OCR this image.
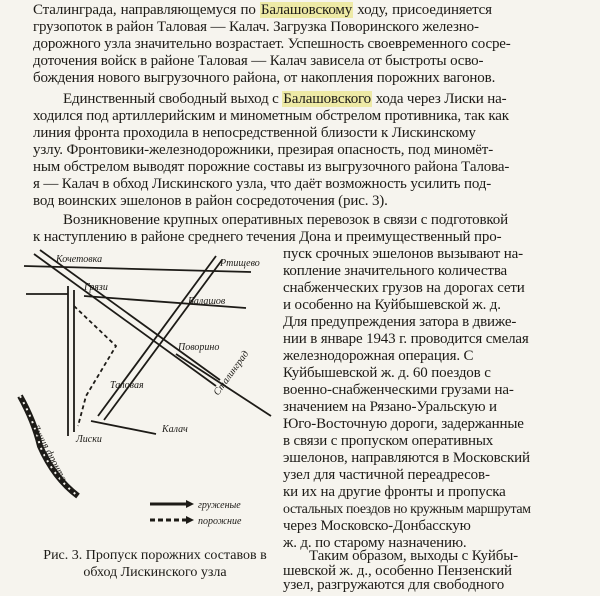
Сталинграда, направляющемуся по Балашовскому ходу, присоединяется
грузопоток в район Таловая — Калач. Загрузка Поворинского железно-
дорожного узла значительно возрастает. Успешность своевременного сосре-
доточения войск в районе Таловая — Калач зависела от быстроты осво-
бождения нового выгрузочного района, от накопления порожних вагонов.
Единственный свободный выход с Балашовского хода через Лиски на-
ходился под артиллерийским и минометным обстрелом противника, так как
линия фронта проходила в непосредственной близости к Лискинскому
узлу. Фронтовики-железнодорожники, презирая опасность, под миномёт-
ным обстрелом выводят порожние составы из выгрузочного района Талова-
я — Калач в обход Лискинского узла, что даёт возможность усилить под-
вод воинских эшелонов в район сосредоточения (рис. 3).
Возникновение крупных оперативных перевозок в связи с подготовкой
к наступлению в районе среднего течения Дона и преимущественный про-
пуск срочных эшелонов вызывают на-
копление значительного количества
снабженческих грузов на дорогах сети
и особенно на Куйбышевской ж. д.
Для предупреждения затора в движе-
нии в январе 1943 г. проводится смелая
железнодорожная операция. С
Куйбышевской ж. д. 60 поездов с
военно-снабженческими грузами на-
значением на Рязано-Уральскую и
Юго-Восточную дороги, задержанные
в связи с пропуском оперативных
эшелонов, направляются в Московский
узел для частичной переадресов-
ки их на другие фронты и пропуска
остальных поездов но кружным маршрутам
через Московско-Донбасскую
ж. д. по старому назначению.
Таким образом, выходы с Куйбы-
шевской ж. д., особенно Пензенский
узел, разгружаются для свободного
Кочетовка	Ртищево
Грязи
Балашов
Поворино
Таловая
Калач
Сталинград
Лиски
Линия фронта
груженые
порожние
Рис. 3. Пропуск порожних составов в
обход Лискинского узла
